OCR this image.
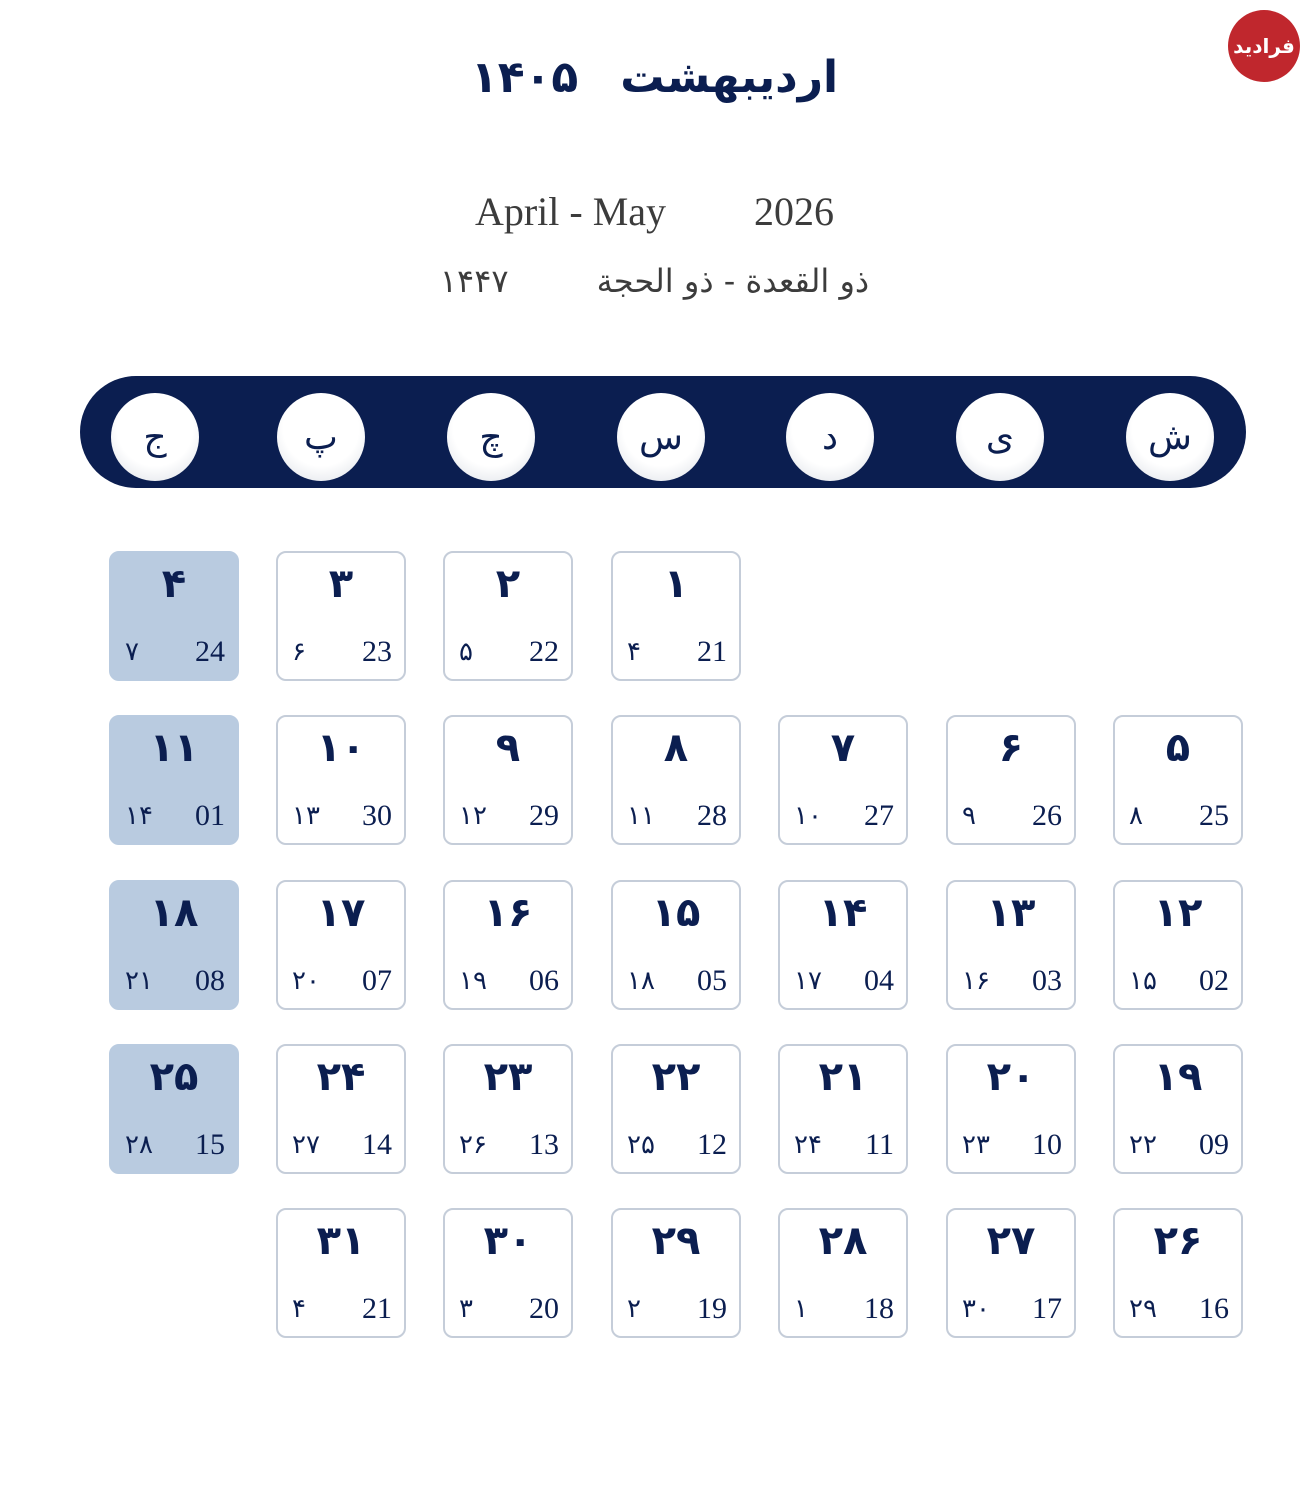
فرادید
اردیبهشت۱۴۰۵
April - May 2026
ذو القعدة - ذو الحجة۱۴۴۷
ش
ی
د
س
چ
پ
ج
۱
21
۴
۲
22
۵
۳
23
۶
۴
24
۷
۵
25
۸
۶
26
۹
۷
27
۱۰
۸
28
۱۱
۹
29
۱۲
۱۰
30
۱۳
۱۱
01
۱۴
۱۲
02
۱۵
۱۳
03
۱۶
۱۴
04
۱۷
۱۵
05
۱۸
۱۶
06
۱۹
۱۷
07
۲۰
۱۸
08
۲۱
۱۹
09
۲۲
۲۰
10
۲۳
۲۱
11
۲۴
۲۲
12
۲۵
۲۳
13
۲۶
۲۴
14
۲۷
۲۵
15
۲۸
۲۶
16
۲۹
۲۷
17
۳۰
۲۸
18
۱
۲۹
19
۲
۳۰
20
۳
۳۱
21
۴
